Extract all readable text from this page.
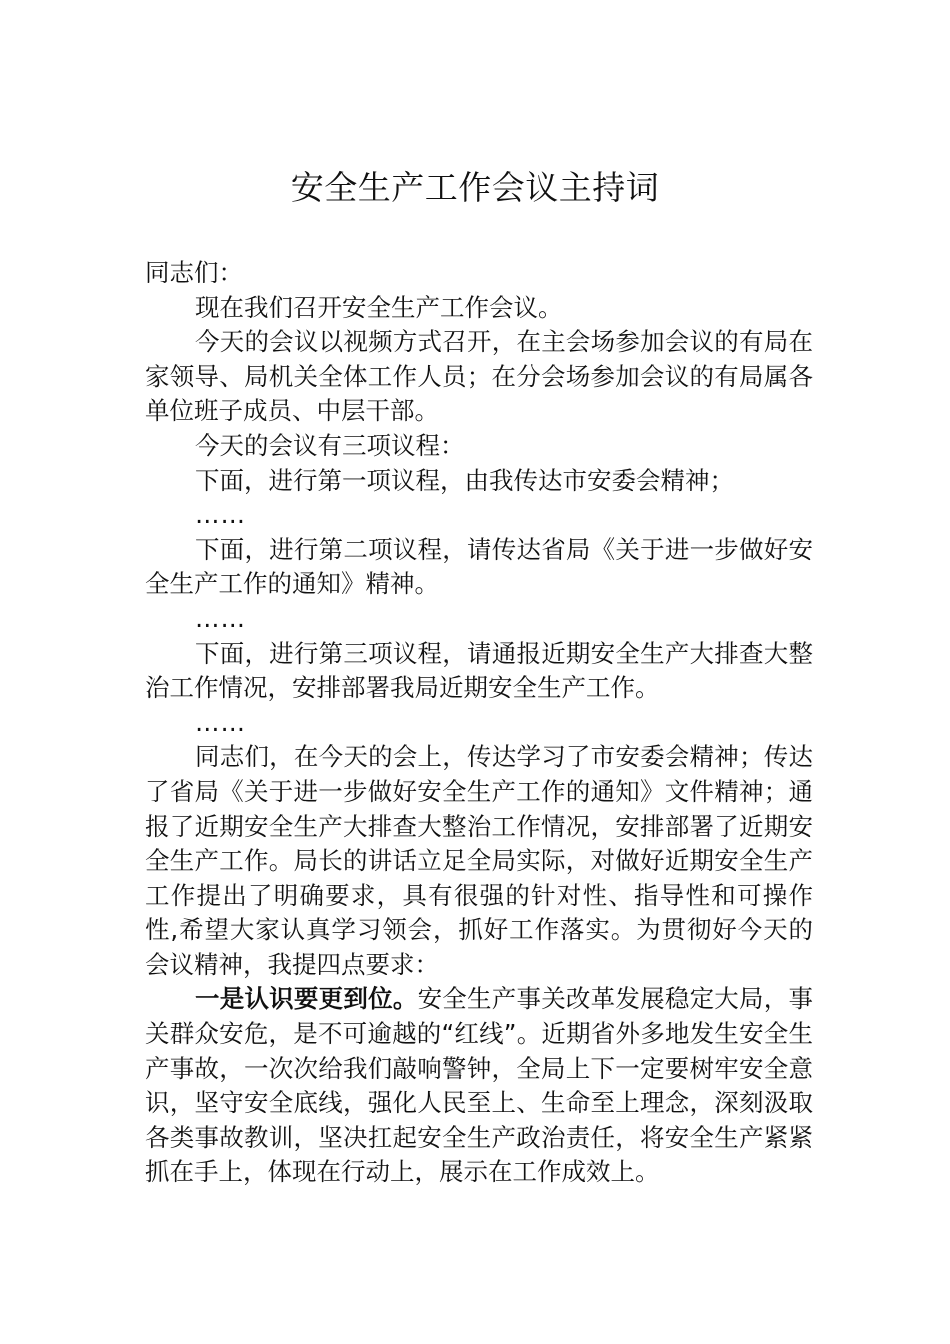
安全生产工作会议主持词

同志们：

现在我们召开安全生产工作会议。

今天的会议以视频方式召开，在主会场参加会议的有局在家领导、局机关全体工作人员；在分会场参加会议的有局属各单位班子成员、中层干部。

今天的会议有三项议程：

下面，进行第一项议程，由我传达市安委会精神；

……

下面，进行第二项议程，请传达省局《关于进一步做好安全生产工作的通知》精神。

……

下面，进行第三项议程，请通报近期安全生产大排查大整治工作情况，安排部署我局近期安全生产工作。

……

同志们，在今天的会上，传达学习了市安委会精神；传达了省局《关于进一步做好安全生产工作的通知》文件精神；通报了近期安全生产大排查大整治工作情况，安排部署了近期安全生产工作。局长的讲话立足全局实际，对做好近期安全生产工作提出了明确要求，具有很强的针对性、指导性和可操作性,希望大家认真学习领会，抓好工作落实。为贯彻好今天的会议精神，我提四点要求：

一是认识要更到位。安全生产事关改革发展稳定大局，事关群众安危，是不可逾越的“红线”。近期省外多地发生安全生产事故，一次次给我们敲响警钟，全局上下一定要树牢安全意识，坚守安全底线，强化人民至上、生命至上理念，深刻汲取各类事故教训，坚决扛起安全生产政治责任，将安全生产紧紧抓在手上，体现在行动上，展示在工作成效上。
